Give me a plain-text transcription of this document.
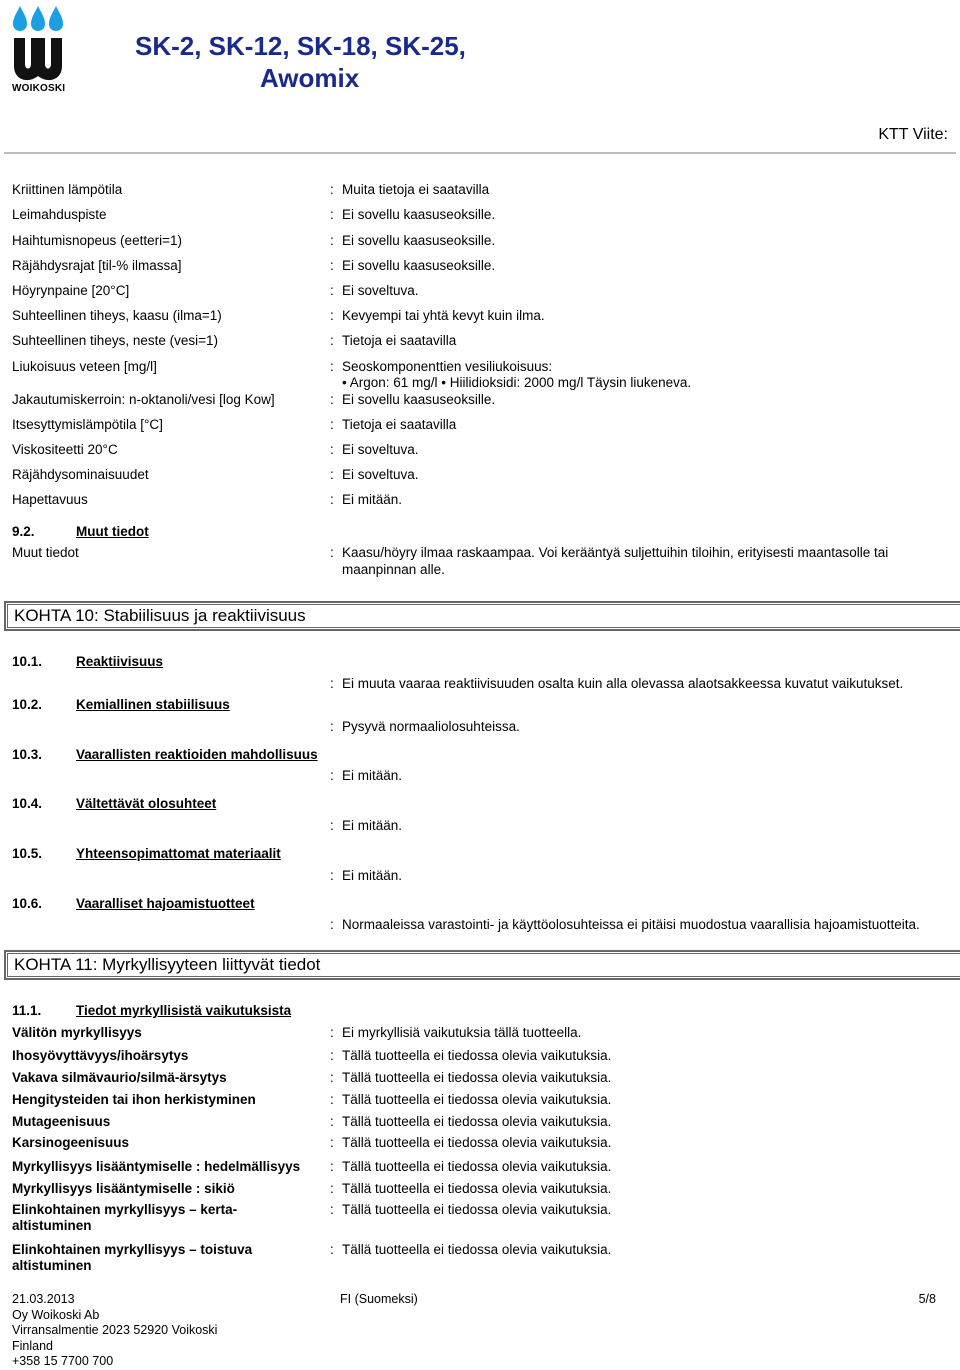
WOIKOSKI
SK-2, SK-12, SK-18, SK-25,
Awomix
KTT Viite:
Kriittinen lämpötila	: Muita tietoja ei saatavilla
Leimahduspiste	: Ei sovellu kaasuseoksille.
Haihtumisnopeus (eetteri=1)	: Ei sovellu kaasuseoksille.
Räjähdysrajat [til-% ilmassa]	: Ei sovellu kaasuseoksille.
Höyrynpaine [20°C]	: Ei soveltuva.
Suhteellinen tiheys, kaasu (ilma=1)	: Kevyempi tai yhtä kevyt kuin ilma.
Suhteellinen tiheys, neste (vesi=1)	: Tietoja ei saatavilla
Liukoisuus veteen [mg/l]	: Seoskomponenttien vesiliukoisuus:
• Argon: 61 mg/l • Hiilidioksidi: 2000 mg/l Täysin liukeneva.
Jakautumiskerroin: n-oktanoli/vesi [log Kow]	: Ei sovellu kaasuseoksille.
Itsesyttymislämpötila [°C]	: Tietoja ei saatavilla
Viskositeetti 20°C	: Ei soveltuva.
Räjähdysominaisuudet	: Ei soveltuva.
Hapettavuus	: Ei mitään.
9.2.	Muut tiedot
Muut tiedot	: Kaasu/höyry ilmaa raskaampaa. Voi kerääntyä suljettuihin tiloihin, erityisesti maantasolle tai
maanpinnan alle.
KOHTA 10: Stabiilisuus ja reaktiivisuus
10.1.	Reaktiivisuus
: Ei muuta vaaraa reaktiivisuuden osalta kuin alla olevassa alaotsakkeessa kuvatut vaikutukset.
10.2.	Kemiallinen stabiilisuus
: Pysyvä normaaliolosuhteissa.
10.3.	Vaarallisten reaktioiden mahdollisuus
: Ei mitään.
10.4.	Vältettävät olosuhteet
: Ei mitään.
10.5.	Yhteensopimattomat materiaalit
: Ei mitään.
10.6.	Vaaralliset hajoamistuotteet
: Normaaleissa varastointi- ja käyttöolosuhteissa ei pitäisi muodostua vaarallisia hajoamistuotteita.
KOHTA 11: Myrkyllisyyteen liittyvät tiedot
11.1.	Tiedot myrkyllisistä vaikutuksista
Välitön myrkyllisyys	: Ei myrkyllisiä vaikutuksia tällä tuotteella.
Ihosyövyttävyys/ihoärsytys	: Tällä tuotteella ei tiedossa olevia vaikutuksia.
Vakava silmävaurio/silmä-ärsytys	: Tällä tuotteella ei tiedossa olevia vaikutuksia.
Hengitysteiden tai ihon herkistyminen	: Tällä tuotteella ei tiedossa olevia vaikutuksia.
Mutageenisuus	: Tällä tuotteella ei tiedossa olevia vaikutuksia.
Karsinogeenisuus	: Tällä tuotteella ei tiedossa olevia vaikutuksia.
Myrkyllisyys lisääntymiselle : hedelmällisyys : Tällä tuotteella ei tiedossa olevia vaikutuksia.
Myrkyllisyys lisääntymiselle : sikiö	: Tällä tuotteella ei tiedossa olevia vaikutuksia.
Elinkohtainen myrkyllisyys – kerta-
altistuminen
: Tällä tuotteella ei tiedossa olevia vaikutuksia.
Elinkohtainen myrkyllisyys – toistuva
altistuminen
: Tällä tuotteella ei tiedossa olevia vaikutuksia.
21.03.2013
Oy Woikoski Ab
Virransalmentie 2023 52920 Voikoski
Finland
+358 15 7700 700
FI (Suomeksi)	5/8
